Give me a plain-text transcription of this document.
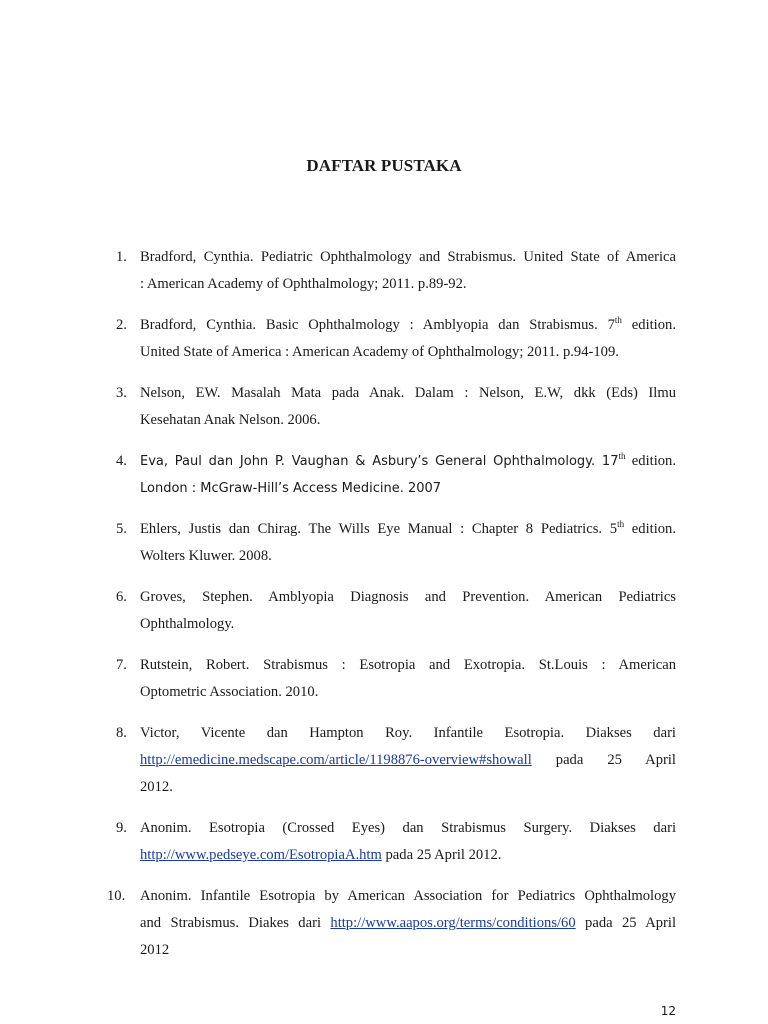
DAFTAR PUSTAKA
1. Bradford, Cynthia. Pediatric Ophthalmology and Strabismus. United State of America
: American Academy of Ophthalmology; 2011. p.89-92.
2. Bradford, Cynthia. Basic Ophthalmology : Amblyopia dan Strabismus. 7th edition.
United State of America : American Academy of Ophthalmology; 2011. p.94-109.
3. Nelson, EW. Masalah Mata pada Anak. Dalam : Nelson, E.W, dkk (Eds) Ilmu
Kesehatan Anak Nelson. 2006.
4. Eva, Paul dan John P. Vaughan & Asbury’s General Ophthalmology. 17th edition.
London : McGraw-Hill’s Access Medicine. 2007
5. Ehlers, Justis dan Chirag. The Wills Eye Manual : Chapter 8 Pediatrics. 5th edition.
Wolters Kluwer. 2008.
6. Groves, Stephen. Amblyopia Diagnosis and Prevention. American Pediatrics
Ophthalmology.
7. Rutstein, Robert. Strabismus : Esotropia and Exotropia. St.Louis : American
Optometric Association. 2010.
8. Victor, Vicente dan Hampton Roy. Infantile Esotropia. Diakses dari
http://emedicine.medscape.com/article/1198876-overview#showall pada 25 April
2012.
9. Anonim. Esotropia (Crossed Eyes) dan Strabismus Surgery. Diakses dari
http://www.pedseye.com/EsotropiaA.htm pada 25 April 2012.
10. Anonim. Infantile Esotropia by American Association for Pediatrics Ophthalmology
and Strabismus. Diakes dari http://www.aapos.org/terms/conditions/60 pada 25 April
2012
12
